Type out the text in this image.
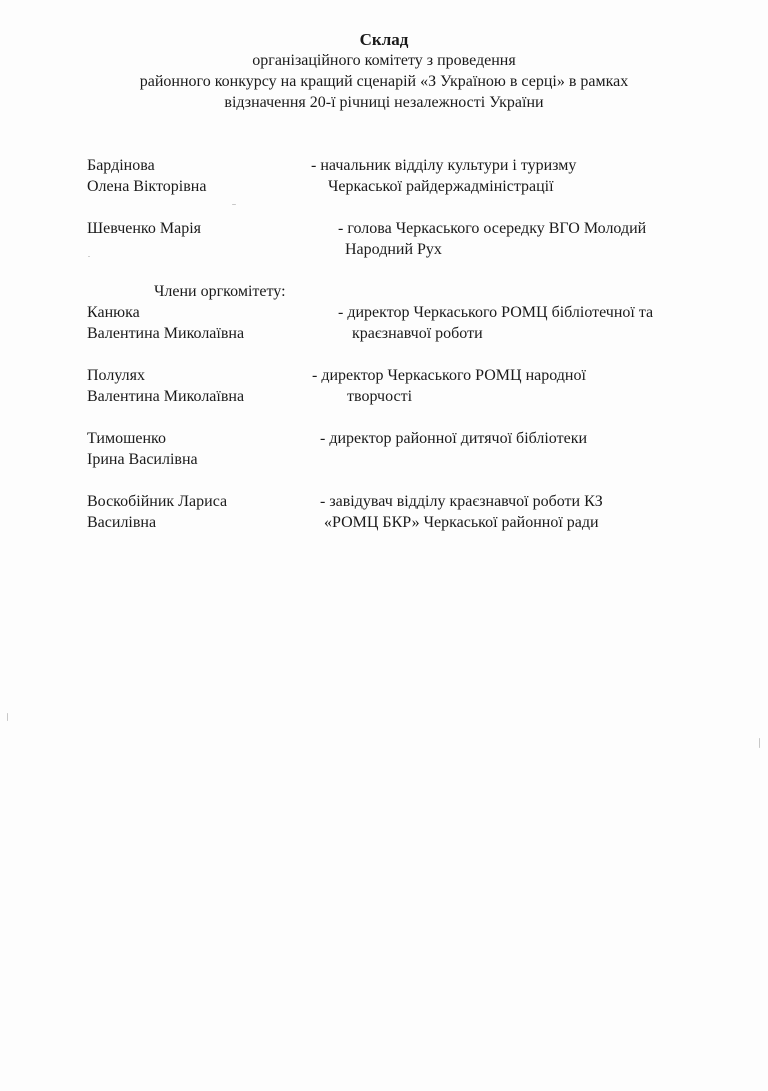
Склад
організаційного комітету з проведення
районного конкурсу на кращий сценарій «З Україною в серці» в рамках
відзначення 20-ї річниці незалежності України
Бардінова
Олена Вікторівна
- начальник відділу культури і туризму
Черкаської райдержадміністрації
Шевченко Марія	- голова Черкаського осередку ВГО Молодий
Народний Рух
Члени оргкомітету:
Канюка
Валентина Миколаївна
- директор Черкаського РОМЦ бібліотечної та
краєзнавчої роботи
Полулях
Валентина Миколаївна
- директор Черкаського РОМЦ народної
творчості
Тимошенко
Ірина Василівна
- директор районної дитячої бібліотеки
Воскобійник Лариса
Василівна
- завідувач відділу краєзнавчої роботи КЗ
«РОМЦ БКР» Черкаської районної ради
